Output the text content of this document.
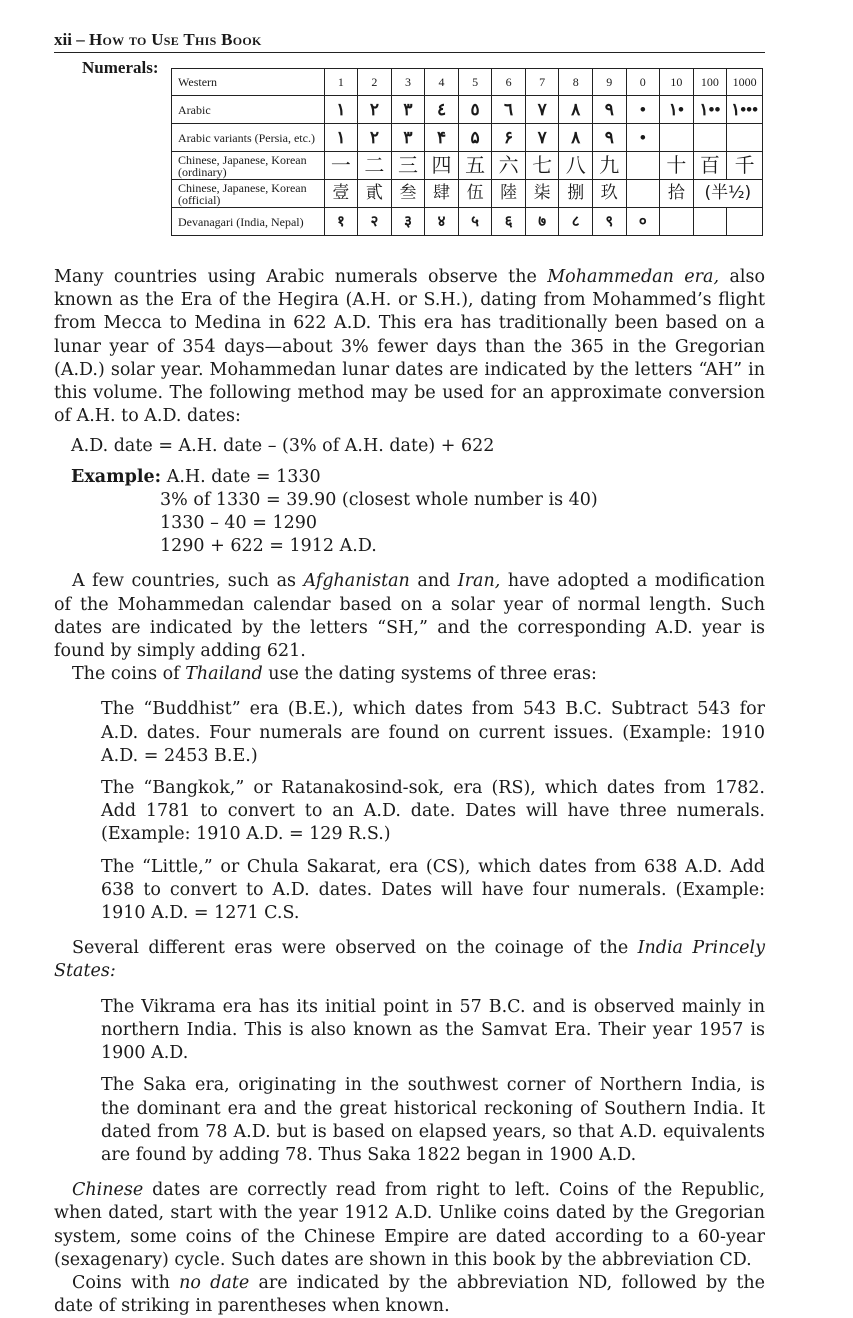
xii – How to Use This Book
Numerals:
Western	1	2	3	4	5	6	7	8	9	0	10	100	1000
Arabic	١	٢	٣	٤	٥	٦	٧	٨	٩	•	١•	١••	١•••
Arabic variants (Persia, etc.)	١	٢	٣	۴	۵	۶	٧	٨	٩	•			
Chinese, Japanese, Korean (ordinary)	一	二	三	四	五	六	七	八	九		十	百	千
Chinese, Japanese, Korean (official)	壹	貳	叁	肆	伍	陸	柒	捌	玖		拾	(半½)	
Devanagari (India, Nepal)	१	२	३	४	५	६	७	८	९	०			

Many countries using Arabic numerals observe the Mohammedan era, also known as the Era of the Hegira (A.H. or S.H.), dating from Mohammed’s flight from Mecca to Medina in 622 A.D. This era has traditionally been based on a lunar year of 354 days—about 3% fewer days than the 365 in the Gregorian (A.D.) solar year. Mohammedan lunar dates are indicated by the letters “AH” in this volume. The following method may be used for an approximate conversion of A.H. to A.D. dates:

A.D. date = A.H. date – (3% of A.H. date) + 622
Example: A.H. date = 1330
3% of 1330 = 39.90 (closest whole number is 40)
1330 – 40 = 1290
1290 + 622 = 1912 A.D.

A few countries, such as Afghanistan and Iran, have adopted a modification of the Mohammedan calendar based on a solar year of normal length. Such dates are indicated by the letters “SH,” and the corresponding A.D. year is found by simply adding 621.

The coins of Thailand use the dating systems of three eras:

The “Buddhist” era (B.E.), which dates from 543 B.C. Subtract 543 for A.D. dates. Four numerals are found on current issues. (Example: 1910 A.D. = 2453 B.E.)

The “Bangkok,” or Ratanakosind-sok, era (RS), which dates from 1782. Add 1781 to convert to an A.D. date. Dates will have three numerals. (Example: 1910 A.D. = 129 R.S.)

The “Little,” or Chula Sakarat, era (CS), which dates from 638 A.D. Add 638 to convert to A.D. dates. Dates will have four numerals. (Example: 1910 A.D. = 1271 C.S.

Several different eras were observed on the coinage of the India Princely States:

The Vikrama era has its initial point in 57 B.C. and is observed mainly in northern India. This is also known as the Samvat Era. Their year 1957 is 1900 A.D.

The Saka era, originating in the southwest corner of Northern India, is the dominant era and the great historical reckoning of Southern India. It dated from 78 A.D. but is based on elapsed years, so that A.D. equivalents are found by adding 78. Thus Saka 1822 began in 1900 A.D.

Chinese dates are correctly read from right to left. Coins of the Republic, when dated, start with the year 1912 A.D. Unlike coins dated by the Gregorian system, some coins of the Chinese Empire are dated according to a 60-year (sexagenary) cycle. Such dates are shown in this book by the abbreviation CD.

Coins with no date are indicated by the abbreviation ND, followed by the date of striking in parentheses when known.
